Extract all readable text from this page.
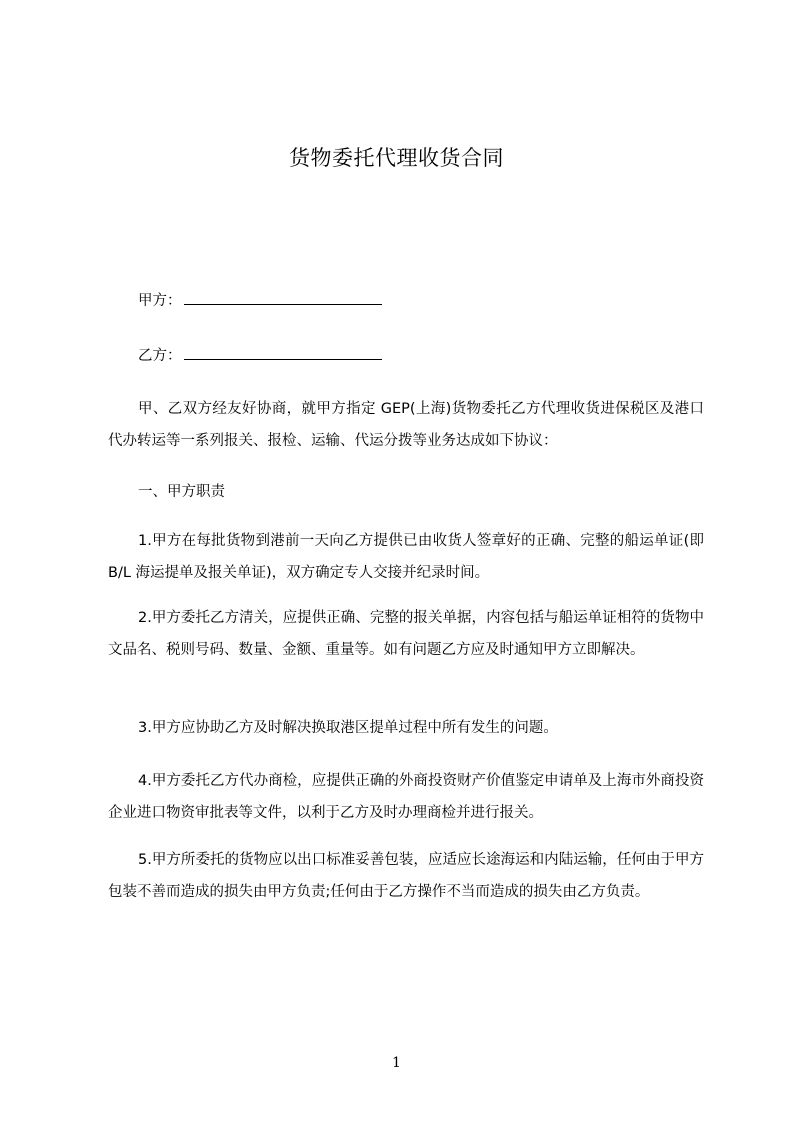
货物委托代理收货合同
甲方：
乙方：
甲、乙双方经友好协商，就甲方指定 GEP(上海)货物委托乙方代理收货进保税区及港口代办转运等一系列报关、报检、运输、代运分拨等业务达成如下协议：
一、甲方职责
1.甲方在每批货物到港前一天向乙方提供已由收货人签章好的正确、完整的船运单证(即 B/L 海运提单及报关单证)，双方确定专人交接并纪录时间。
2.甲方委托乙方清关，应提供正确、完整的报关单据，内容包括与船运单证相符的货物中文品名、税则号码、数量、金额、重量等。如有问题乙方应及时通知甲方立即解决。
3.甲方应协助乙方及时解决换取港区提单过程中所有发生的问题。
4.甲方委托乙方代办商检，应提供正确的外商投资财产价值鉴定申请单及上海市外商投资企业进口物资审批表等文件，以利于乙方及时办理商检并进行报关。
5.甲方所委托的货物应以出口标准妥善包装，应适应长途海运和内陆运输，任何由于甲方包装不善而造成的损失由甲方负责;任何由于乙方操作不当而造成的损失由乙方负责。
1
